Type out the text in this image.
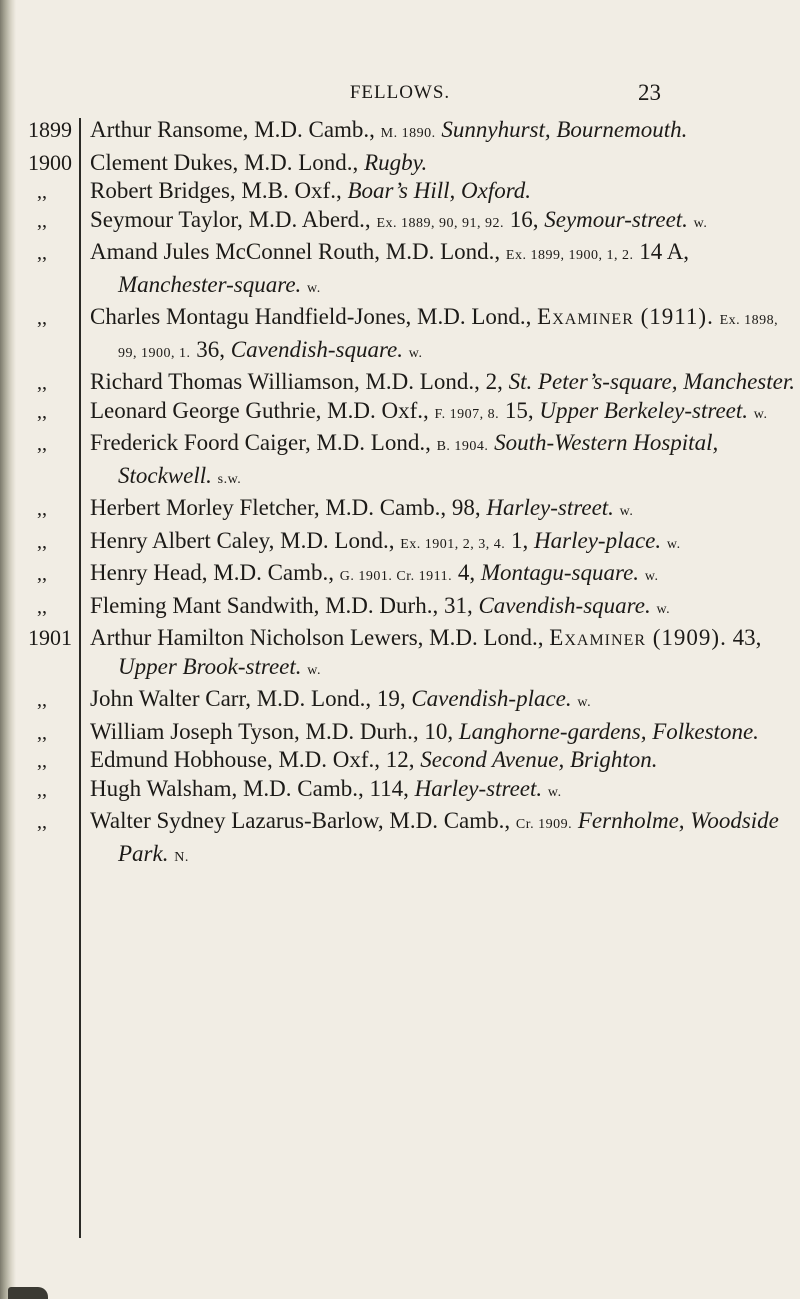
FELLOWS.	23
1899 Arthur Ransome, M.D. Camb., M. 1890. Sunnyhurst, Bournemouth.
1900 Clement Dukes, M.D. Lond., Rugby.
,,	Robert Bridges, M.B. Oxf., Boar’s Hill, Oxford.
,,	Seymour Taylor, M.D. Aberd., Ex. 1889, 90, 91, 92. 16, Seymour-street. w.
,,	Amand Jules McConnel Routh, M.D. Lond., Ex. 1899, 1900, 1, 2. 14 A, Manchester-square. w.
,,	Charles Montagu Handfield-Jones, M.D. Lond., Examiner (1911). Ex. 1898, 99, 1900, 1. 36, Cavendish-square. w.
,,	Richard Thomas Williamson, M.D. Lond., 2, St. Peter’s-square, Manchester.
,,	Leonard George Guthrie, M.D. Oxf., F. 1907, 8. 15, Upper Berkeley-street. w.
,,	Frederick Foord Caiger, M.D. Lond., B. 1904. South-Western Hospital, Stockwell. s.w.
,,	Herbert Morley Fletcher, M.D. Camb., 98, Harley-street. w.
,,	Henry Albert Caley, M.D. Lond., Ex. 1901, 2, 3, 4. 1, Harley-place. w.
,,	Henry Head, M.D. Camb., G. 1901. Cr. 1911. 4, Montagu-square. w.
,,	Fleming Mant Sandwith, M.D. Durh., 31, Cavendish-square. w.
1901 Arthur Hamilton Nicholson Lewers, M.D. Lond., Examiner (1909). 43, Upper Brook-street. w.
,,	John Walter Carr, M.D. Lond., 19, Cavendish-place. w.
,,	William Joseph Tyson, M.D. Durh., 10, Langhorne-gardens, Folkestone.
,,	Edmund Hobhouse, M.D. Oxf., 12, Second Avenue, Brighton.
,,	Hugh Walsham, M.D. Camb., 114, Harley-street. w.
,,	Walter Sydney Lazarus-Barlow, M.D. Camb., Cr. 1909. Fernholme, Woodside Park. N.
